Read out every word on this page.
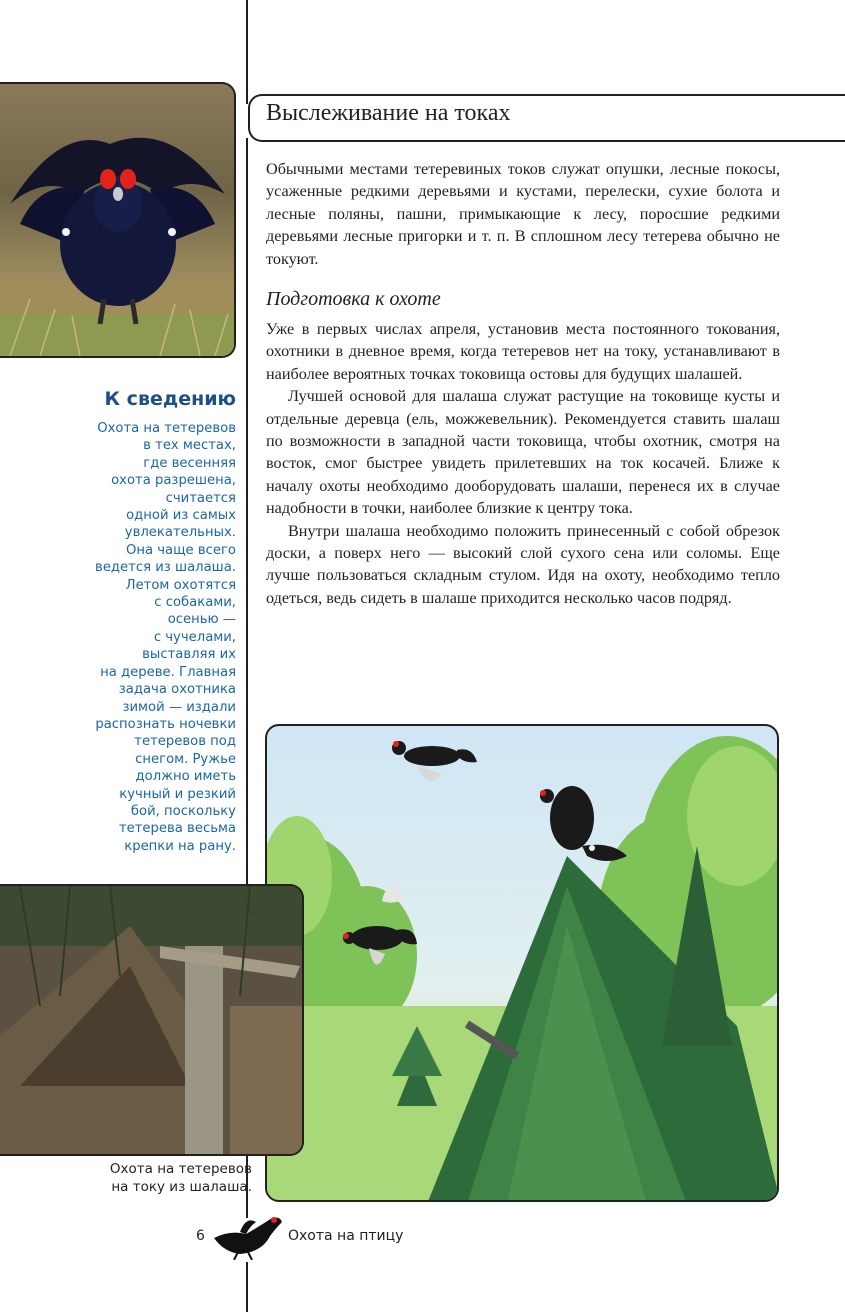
К сведению
Охота на тетеревов
в тех местах,
где весенняя
охота разрешена,
считается
одной из самых
увлекательных.
Она чаще всего
ведется из шалаша.
Летом охотятся
с собаками,
осенью —
с чучелами,
выставляя их
на дереве. Главная
задача охотника
зимой — издали
распознать ночевки
тетеревов под
снегом. Ружье
должно иметь
кучный и резкий
бой, поскольку
тетерева весьма
крепки на рану.
Выслеживание на токах

Обычными местами тетеревиных токов служат опушки, лесные покосы, усаженные редкими деревьями и кустами, перелески, сухие болота и лесные поляны, пашни, примыкающие к лесу, поросшие редкими деревьями лесные пригорки и т. п. В сплошном лесу тетерева обычно не токуют.

Подготовка к охоте

Уже в первых числах апреля, установив места постоянного токования, охотники в дневное время, когда тетеревов нет на току, устанавливают в наиболее вероятных точках токовища остовы для будущих шалашей.

Лучшей основой для шалаша служат растущие на токовище кусты и отдельные деревца (ель, можжевельник). Рекомендуется ставить шалаш по возможности в западной части токовища, чтобы охотник, смотря на восток, смог быстрее увидеть прилетевших на ток косачей. Ближе к началу охоты необходимо дооборудовать шалаши, перенеся их в случае надобности в точки, наиболее близкие к центру тока.

Внутри шалаша необходимо положить принесенный с собой обрезок доски, а поверх него — высокий слой сухого сена или соломы. Еще лучше пользоваться складным стулом. Идя на охоту, необходимо тепло одеться, ведь сидеть в шалаше приходится несколько часов подряд.

Охота на тетеревов
на току из шалаша.
6	Охота на птицу
